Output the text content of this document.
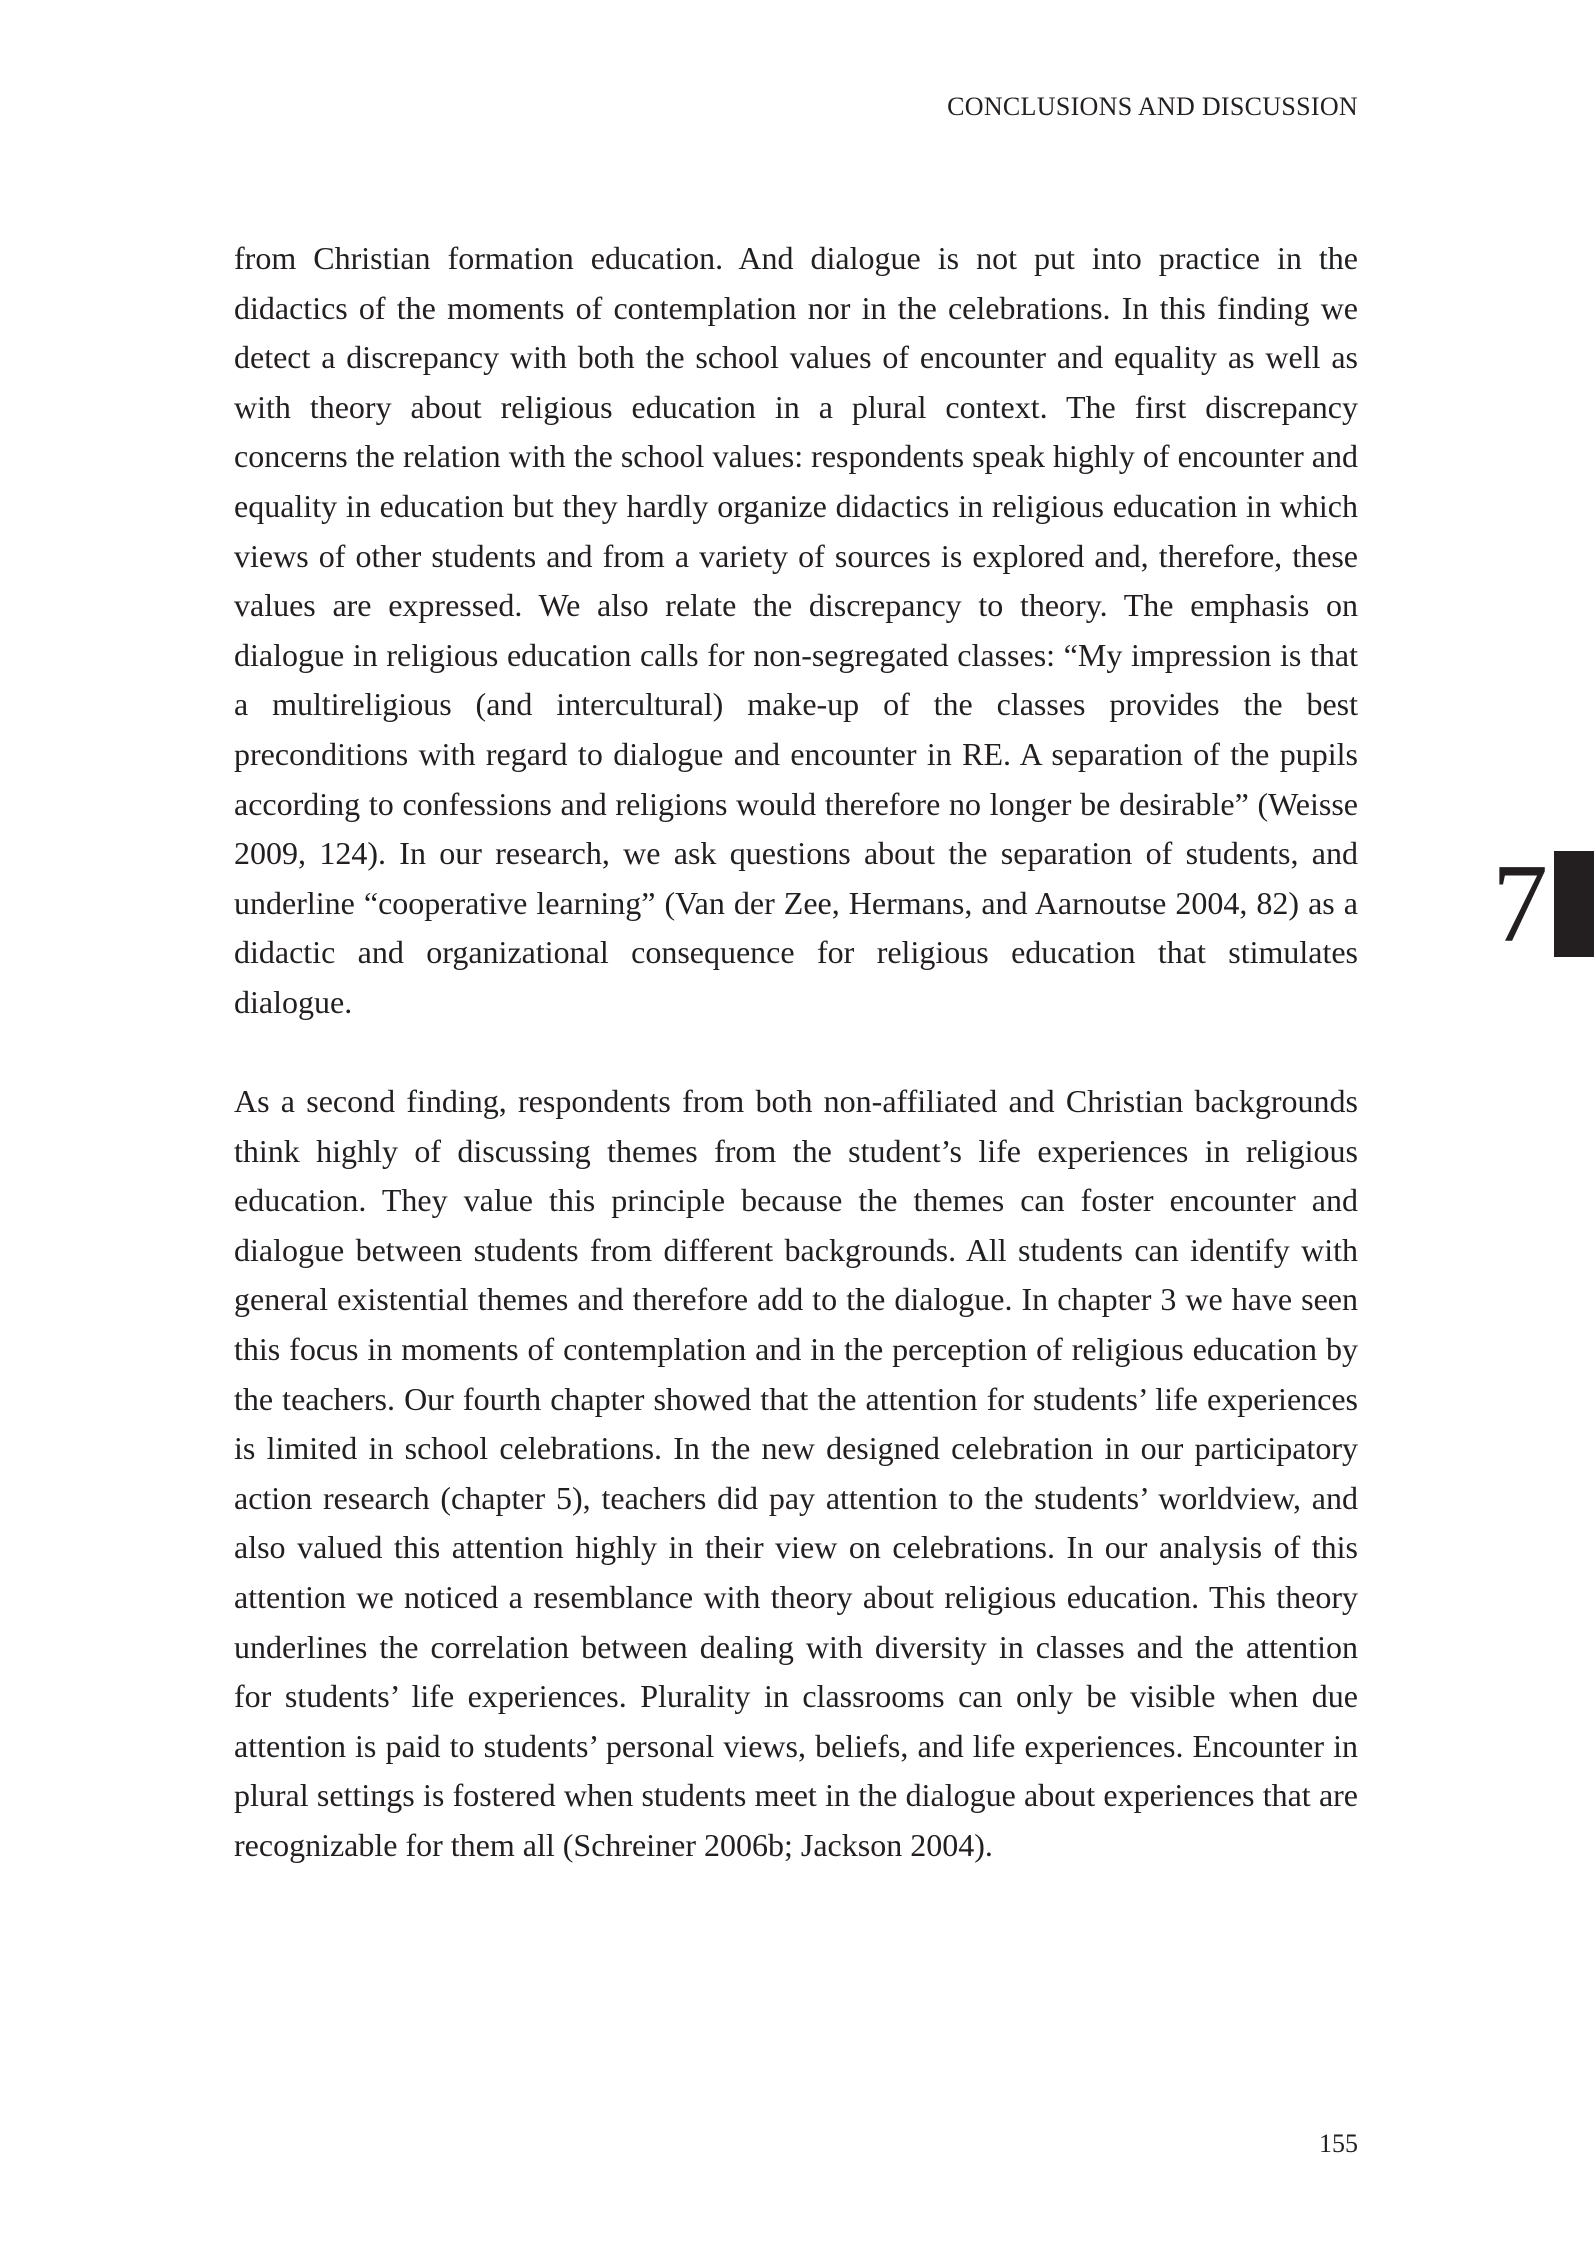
CONCLUSIONS AND DISCUSSION

from Christian formation education. And dialogue is not put into practice in the didactics of the moments of contemplation nor in the celebrations. In this finding we detect a discrepancy with both the school values of encounter and equality as well as with theory about religious education in a plural context. The first discrepancy concerns the relation with the school values: respondents speak highly of encounter and equality in education but they hardly organize didactics in religious education in which views of other students and from a variety of sources is explored and, therefore, these values are expressed. We also relate the discrepancy to theory. The emphasis on dialogue in religious education calls for non-segregated classes: “My impression is that a multireligious (and intercultural) make-up of the classes provides the best preconditions with regard to dialogue and encounter in RE. A separation of the pupils according to confessions and religions would therefore no longer be desirable” (Weisse 2009, 124). In our research, we ask questions about the separation of students, and underline “cooperative learning” (Van der Zee, Hermans, and Aarnoutse 2004, 82) as a didactic and organizational consequence for religious education that stimulates dialogue.

As a second finding, respondents from both non-affiliated and Christian backgrounds think highly of discussing themes from the student’s life experiences in religious education. They value this principle because the themes can foster encounter and dialogue between students from different backgrounds. All students can identify with general existential themes and therefore add to the dialogue. In chapter 3 we have seen this focus in moments of contemplation and in the perception of religious education by the teachers. Our fourth chapter showed that the attention for students’ life experiences is limited in school celebrations. In the new designed celebration in our participatory action research (chapter 5), teachers did pay attention to the students’ worldview, and also valued this attention highly in their view on celebrations. In our analysis of this attention we noticed a resemblance with theory about religious education. This theory underlines the correlation between dealing with diversity in classes and the attention for students’ life experiences. Plurality in classrooms can only be visible when due attention is paid to students’ personal views, beliefs, and life experiences. Encounter in plural settings is fostered when students meet in the dialogue about experiences that are recognizable for them all (Schreiner 2006b; Jackson 2004).

7
155
